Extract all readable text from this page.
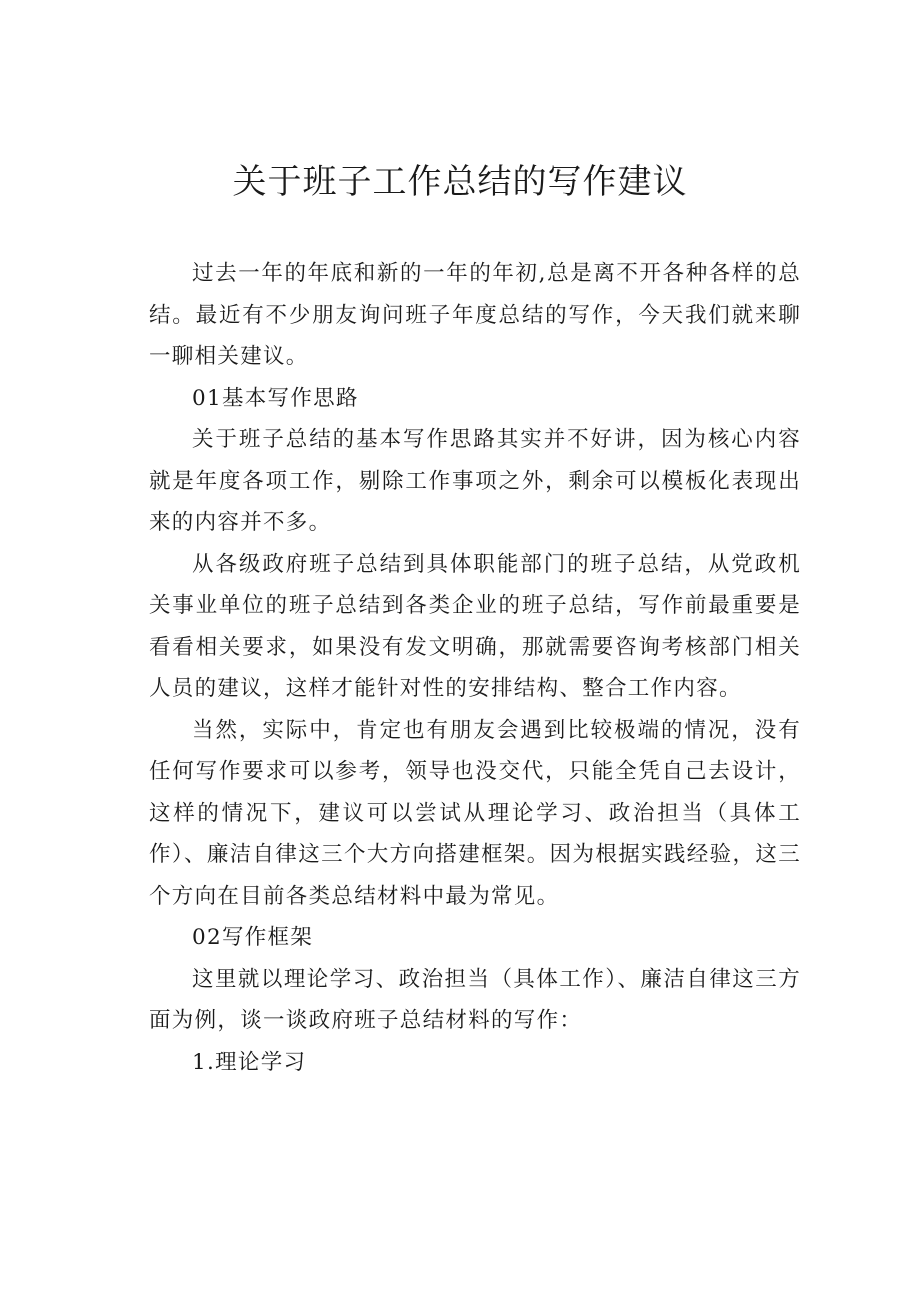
关于班子工作总结的写作建议

过去一年的年底和新的一年的年初,总是离不开各种各样的总结。最近有不少朋友询问班子年度总结的写作，今天我们就来聊一聊相关建议。

01基本写作思路

关于班子总结的基本写作思路其实并不好讲，因为核心内容就是年度各项工作，剔除工作事项之外，剩余可以模板化表现出来的内容并不多。

从各级政府班子总结到具体职能部门的班子总结，从党政机关事业单位的班子总结到各类企业的班子总结，写作前最重要是看看相关要求，如果没有发文明确，那就需要咨询考核部门相关人员的建议，这样才能针对性的安排结构、整合工作内容。

当然，实际中，肯定也有朋友会遇到比较极端的情况，没有任何写作要求可以参考，领导也没交代，只能全凭自己去设计，这样的情况下，建议可以尝试从理论学习、政治担当（具体工作）、廉洁自律这三个大方向搭建框架。因为根据实践经验，这三个方向在目前各类总结材料中最为常见。

02写作框架

这里就以理论学习、政治担当（具体工作）、廉洁自律这三方面为例，谈一谈政府班子总结材料的写作：

1.理论学习
